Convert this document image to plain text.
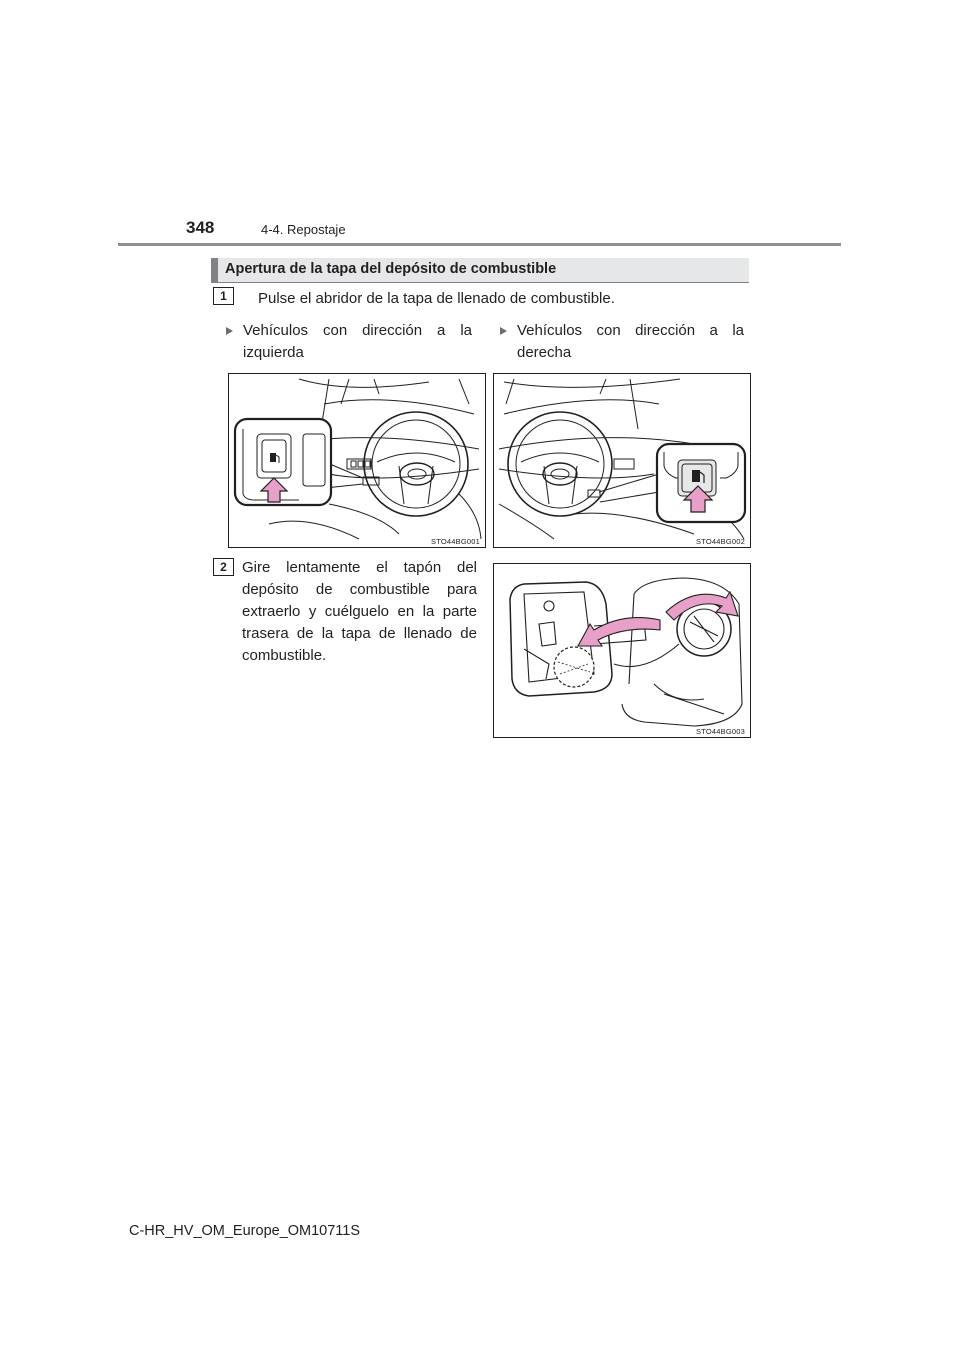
348	4-4. Repostaje
Apertura de la tapa del depósito de combustible
1	Pulse el abridor de la tapa de llenado de combustible.
Vehículos con dirección a la
izquierda
Vehículos con dirección a la
derecha
STO44BG001	STO44BG002
2	Gire lentamente el tapón del
depósito de combustible para
extraerlo y cuélguelo en la parte
trasera de la tapa de llenado de
combustible.
STO44BG003
C-HR_HV_OM_Europe_OM10711S
